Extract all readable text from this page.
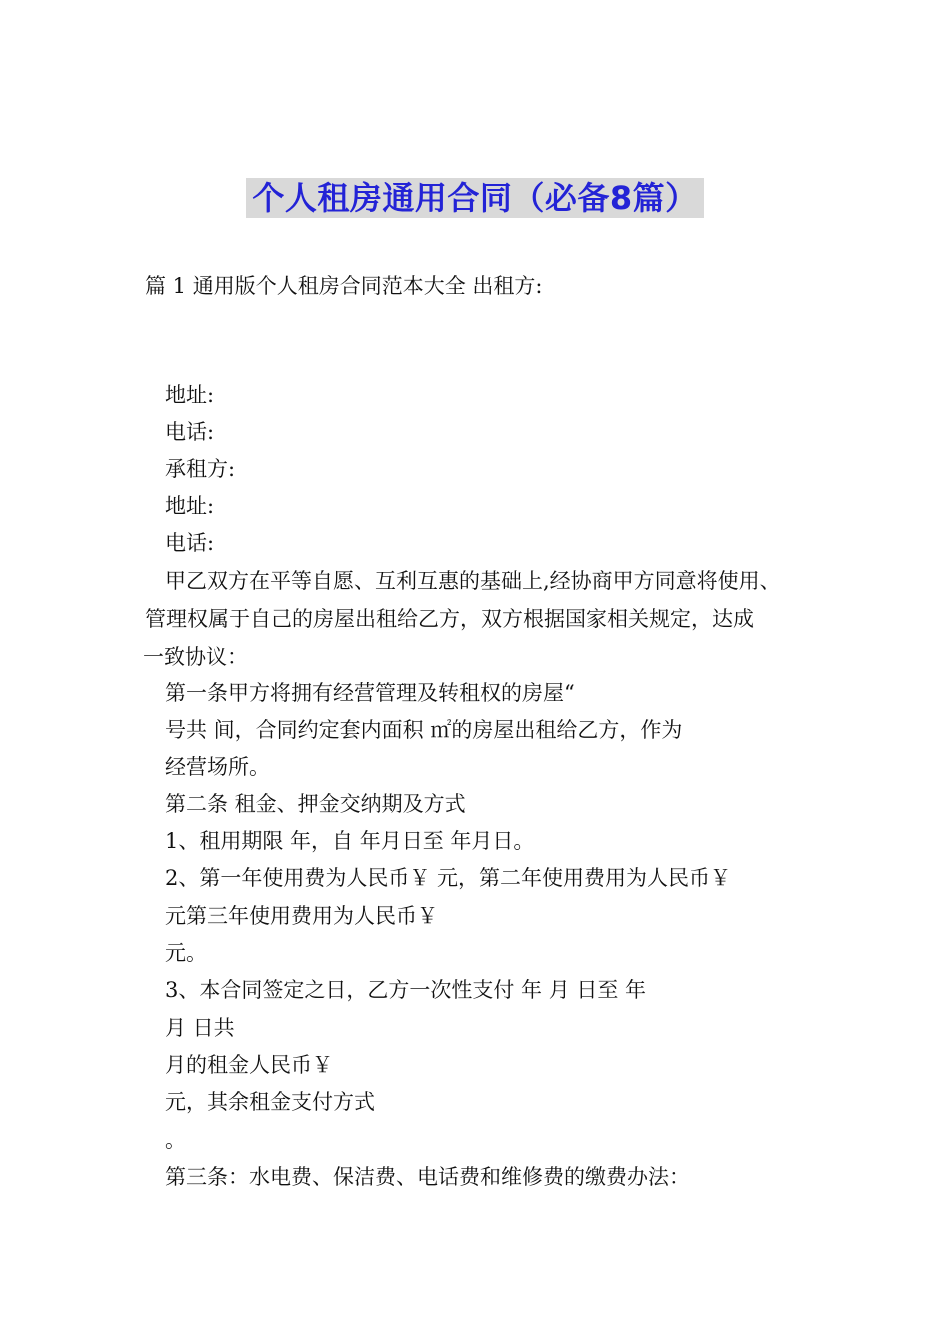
个人租房通用合同（必备8篇）
篇 1 通用版个人租房合同范本大全 出租方:
地址:
电话:
承租方:
地址:
电话:
甲乙双方在平等自愿、互利互惠的基础上,经协商甲方同意将使用、
管理权属于自己的房屋出租给乙方，双方根据国家相关规定，达成
一致协议：
第一条甲方将拥有经营管理及转租权的房屋“
号共 间，合同约定套内面积 ㎡的房屋出租给乙方，作为
经营场所。
第二条 租金、押金交纳期及方式
1、租用期限 年，自 年月日至 年月日。
2、第一年使用费为人民币￥ 元，第二年使用费用为人民币￥
元第三年使用费用为人民币￥
元。
3、本合同签定之日，乙方一次性支付 年 月 日至 年
月 日共
月的租金人民币￥
元，其余租金支付方式
。
第三条：水电费、保洁费、电话费和维修费的缴费办法：
